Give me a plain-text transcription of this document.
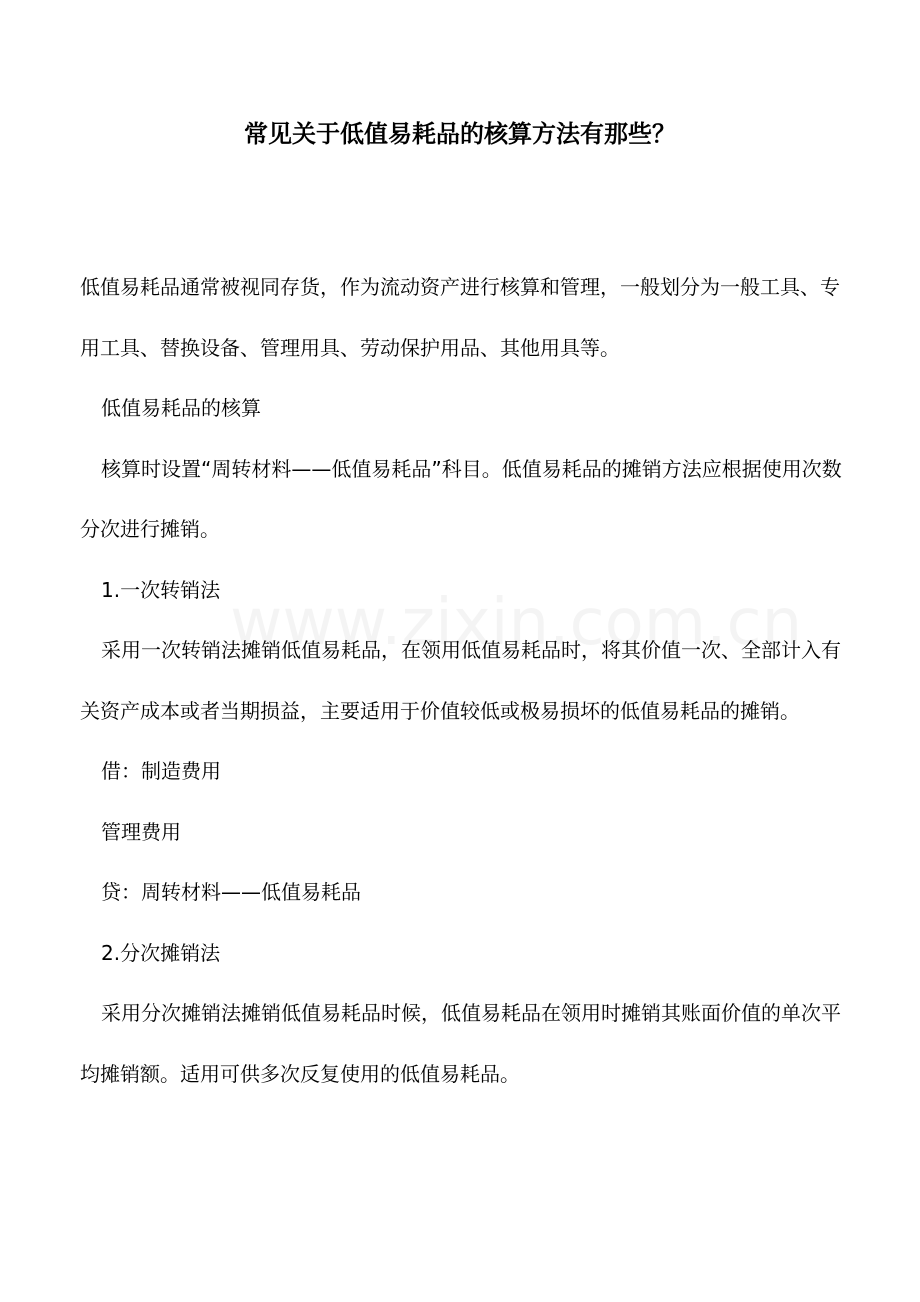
常见关于低值易耗品的核算方法有那些？

低值易耗品通常被视同存货，作为流动资产进行核算和管理，一般划分为一般工具、专用工具、替换设备、管理用具、劳动保护用品、其他用具等。

低值易耗品的核算

核算时设置“周转材料——低值易耗品”科目。低值易耗品的摊销方法应根据使用次数分次进行摊销。

1.一次转销法

采用一次转销法摊销低值易耗品，在领用低值易耗品时，将其价值一次、全部计入有关资产成本或者当期损益，主要适用于价值较低或极易损坏的低值易耗品的摊销。

借：制造费用

管理费用

贷：周转材料——低值易耗品

2.分次摊销法

采用分次摊销法摊销低值易耗品时候，低值易耗品在领用时摊销其账面价值的单次平均摊销额。适用可供多次反复使用的低值易耗品。
